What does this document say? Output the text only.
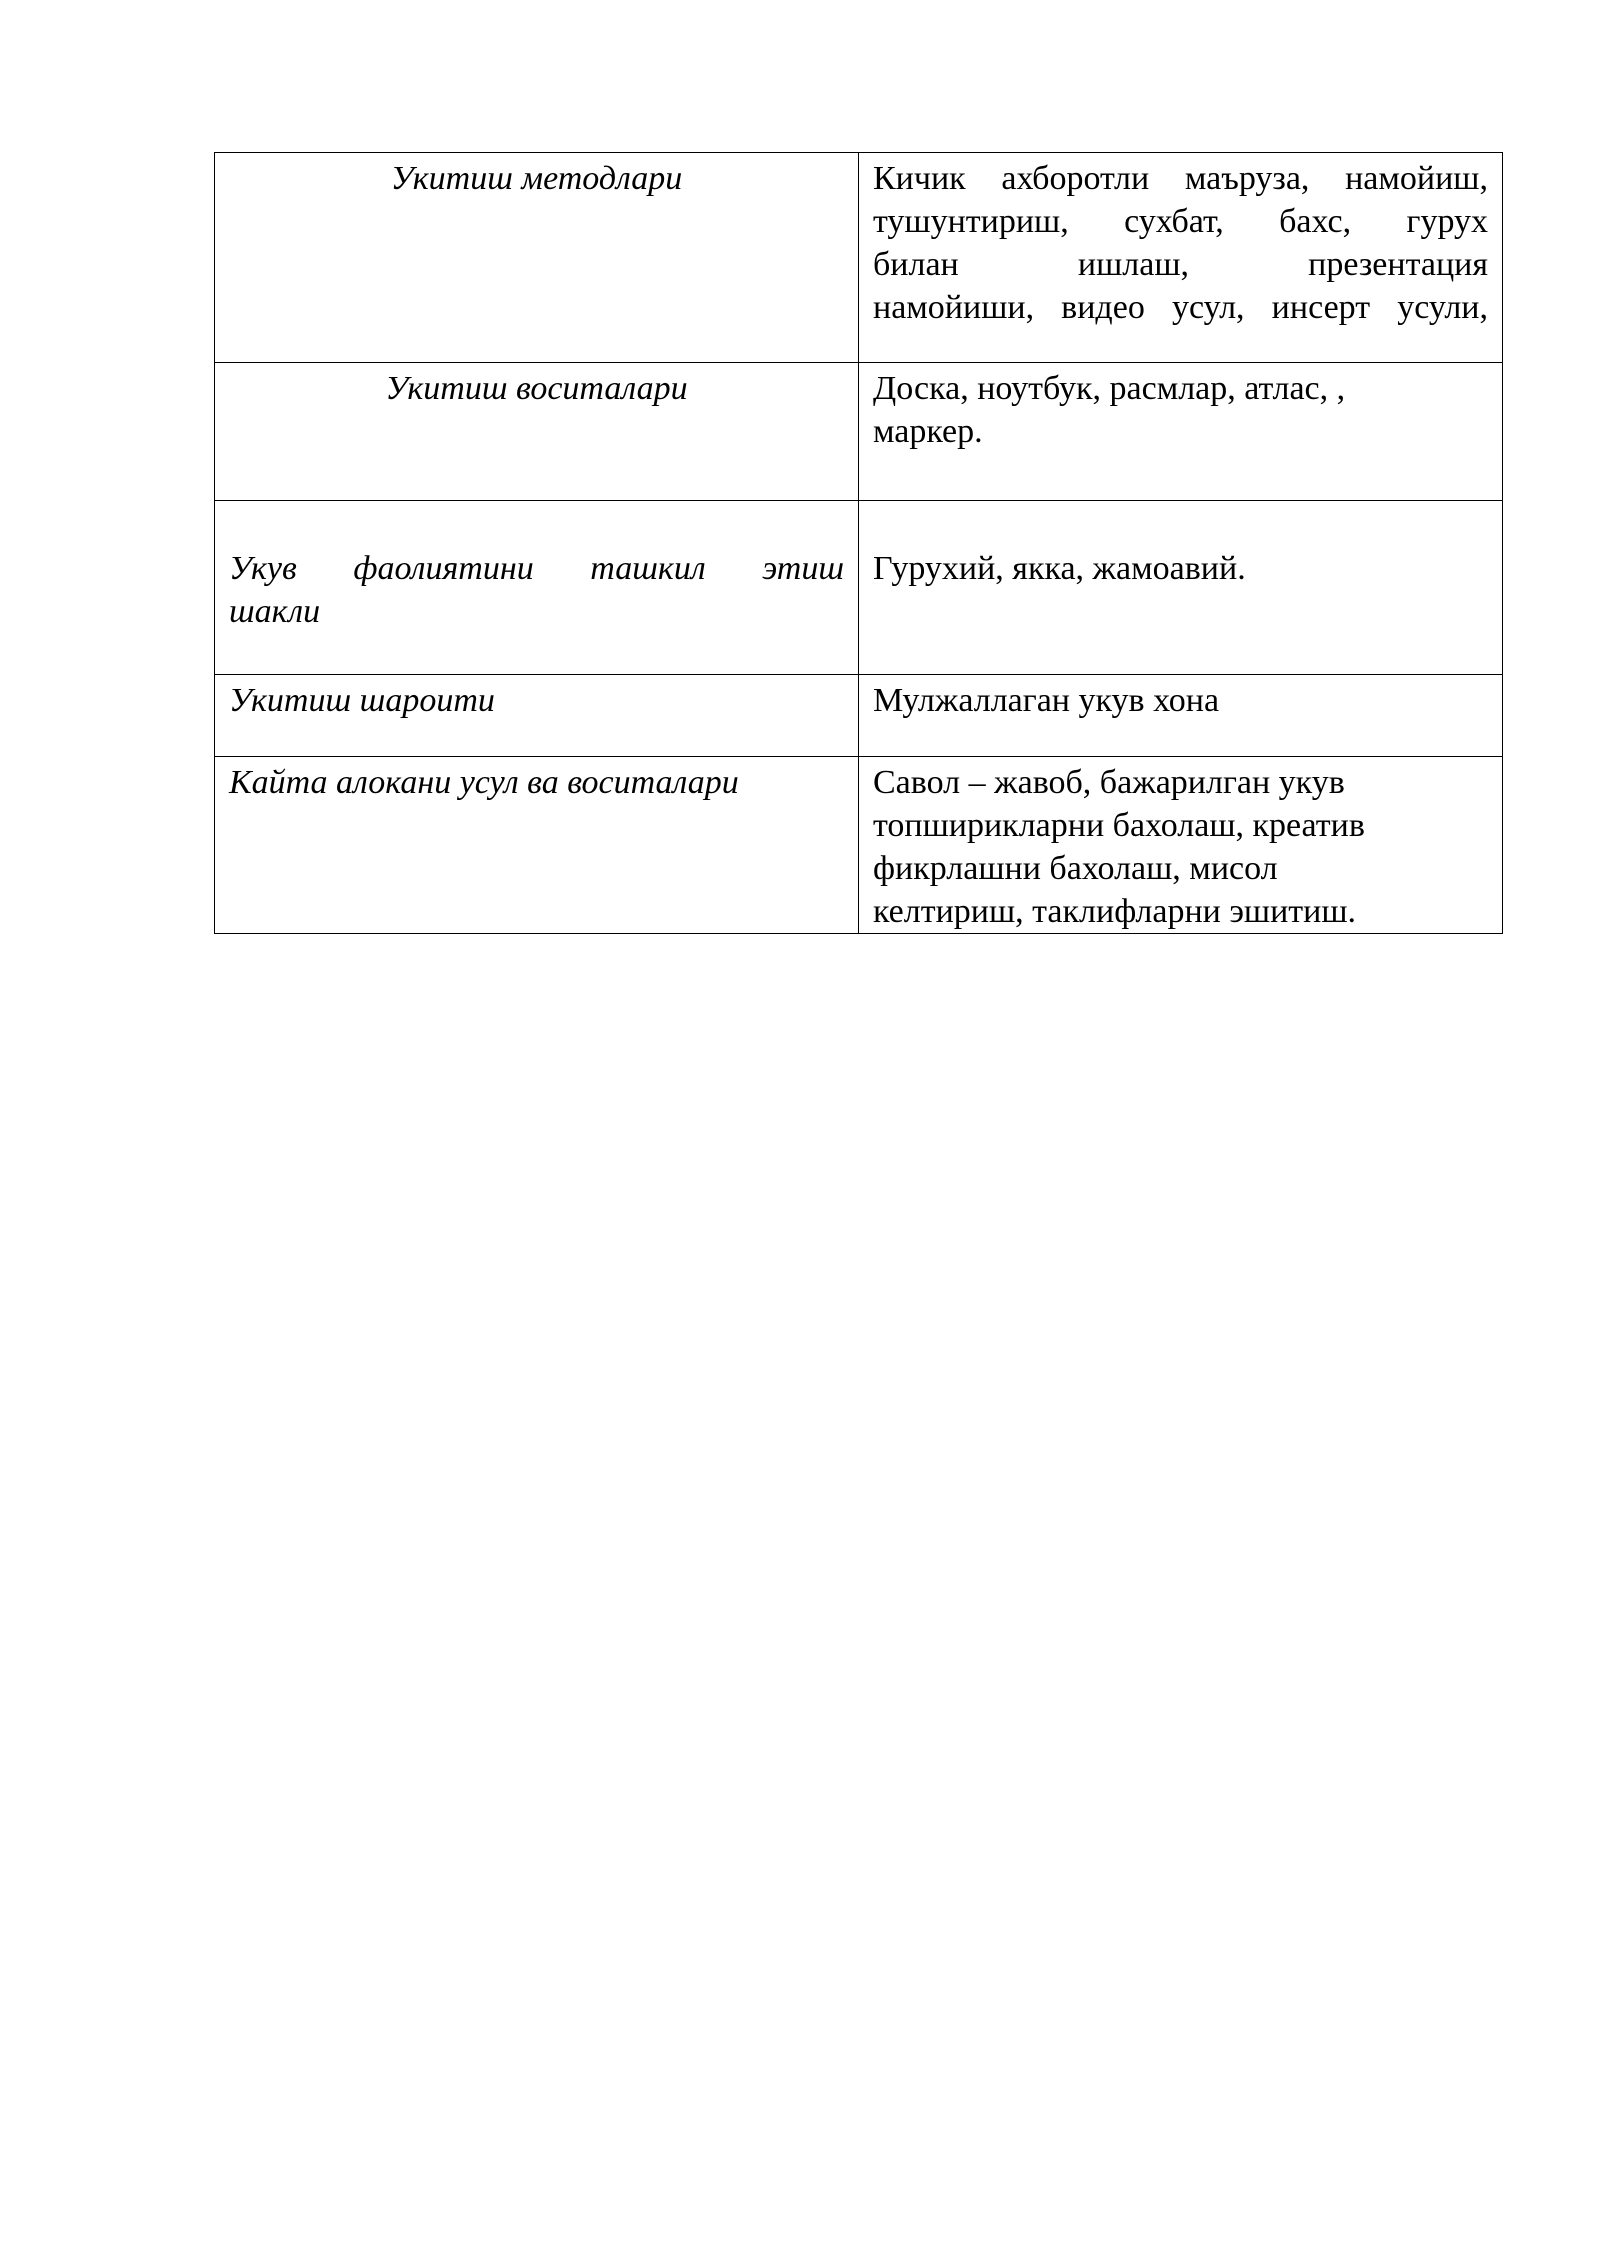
Укитиш методлари	Кичик ахборотли маъруза, намойиш,
тушунтириш, сухбат, бахс, гурух
билан ишлаш, презентация
намойиши, видео усул, инсерт усули,

Укитиш воситалари	Доска, ноутбук, расмлар, атлас, ,
маркер.

Укув фаолиятини ташкил этиш
шакли	Гурухий, якка, жамоавий.
Укитиш шароити	Мулжаллаган укув хона
Кайта алокани усул ва воситалари	Савол – жавоб, бажарилган укув
топширикларни бахолаш, креатив
фикрлашни бахолаш, мисол
келтириш, таклифларни эшитиш.
